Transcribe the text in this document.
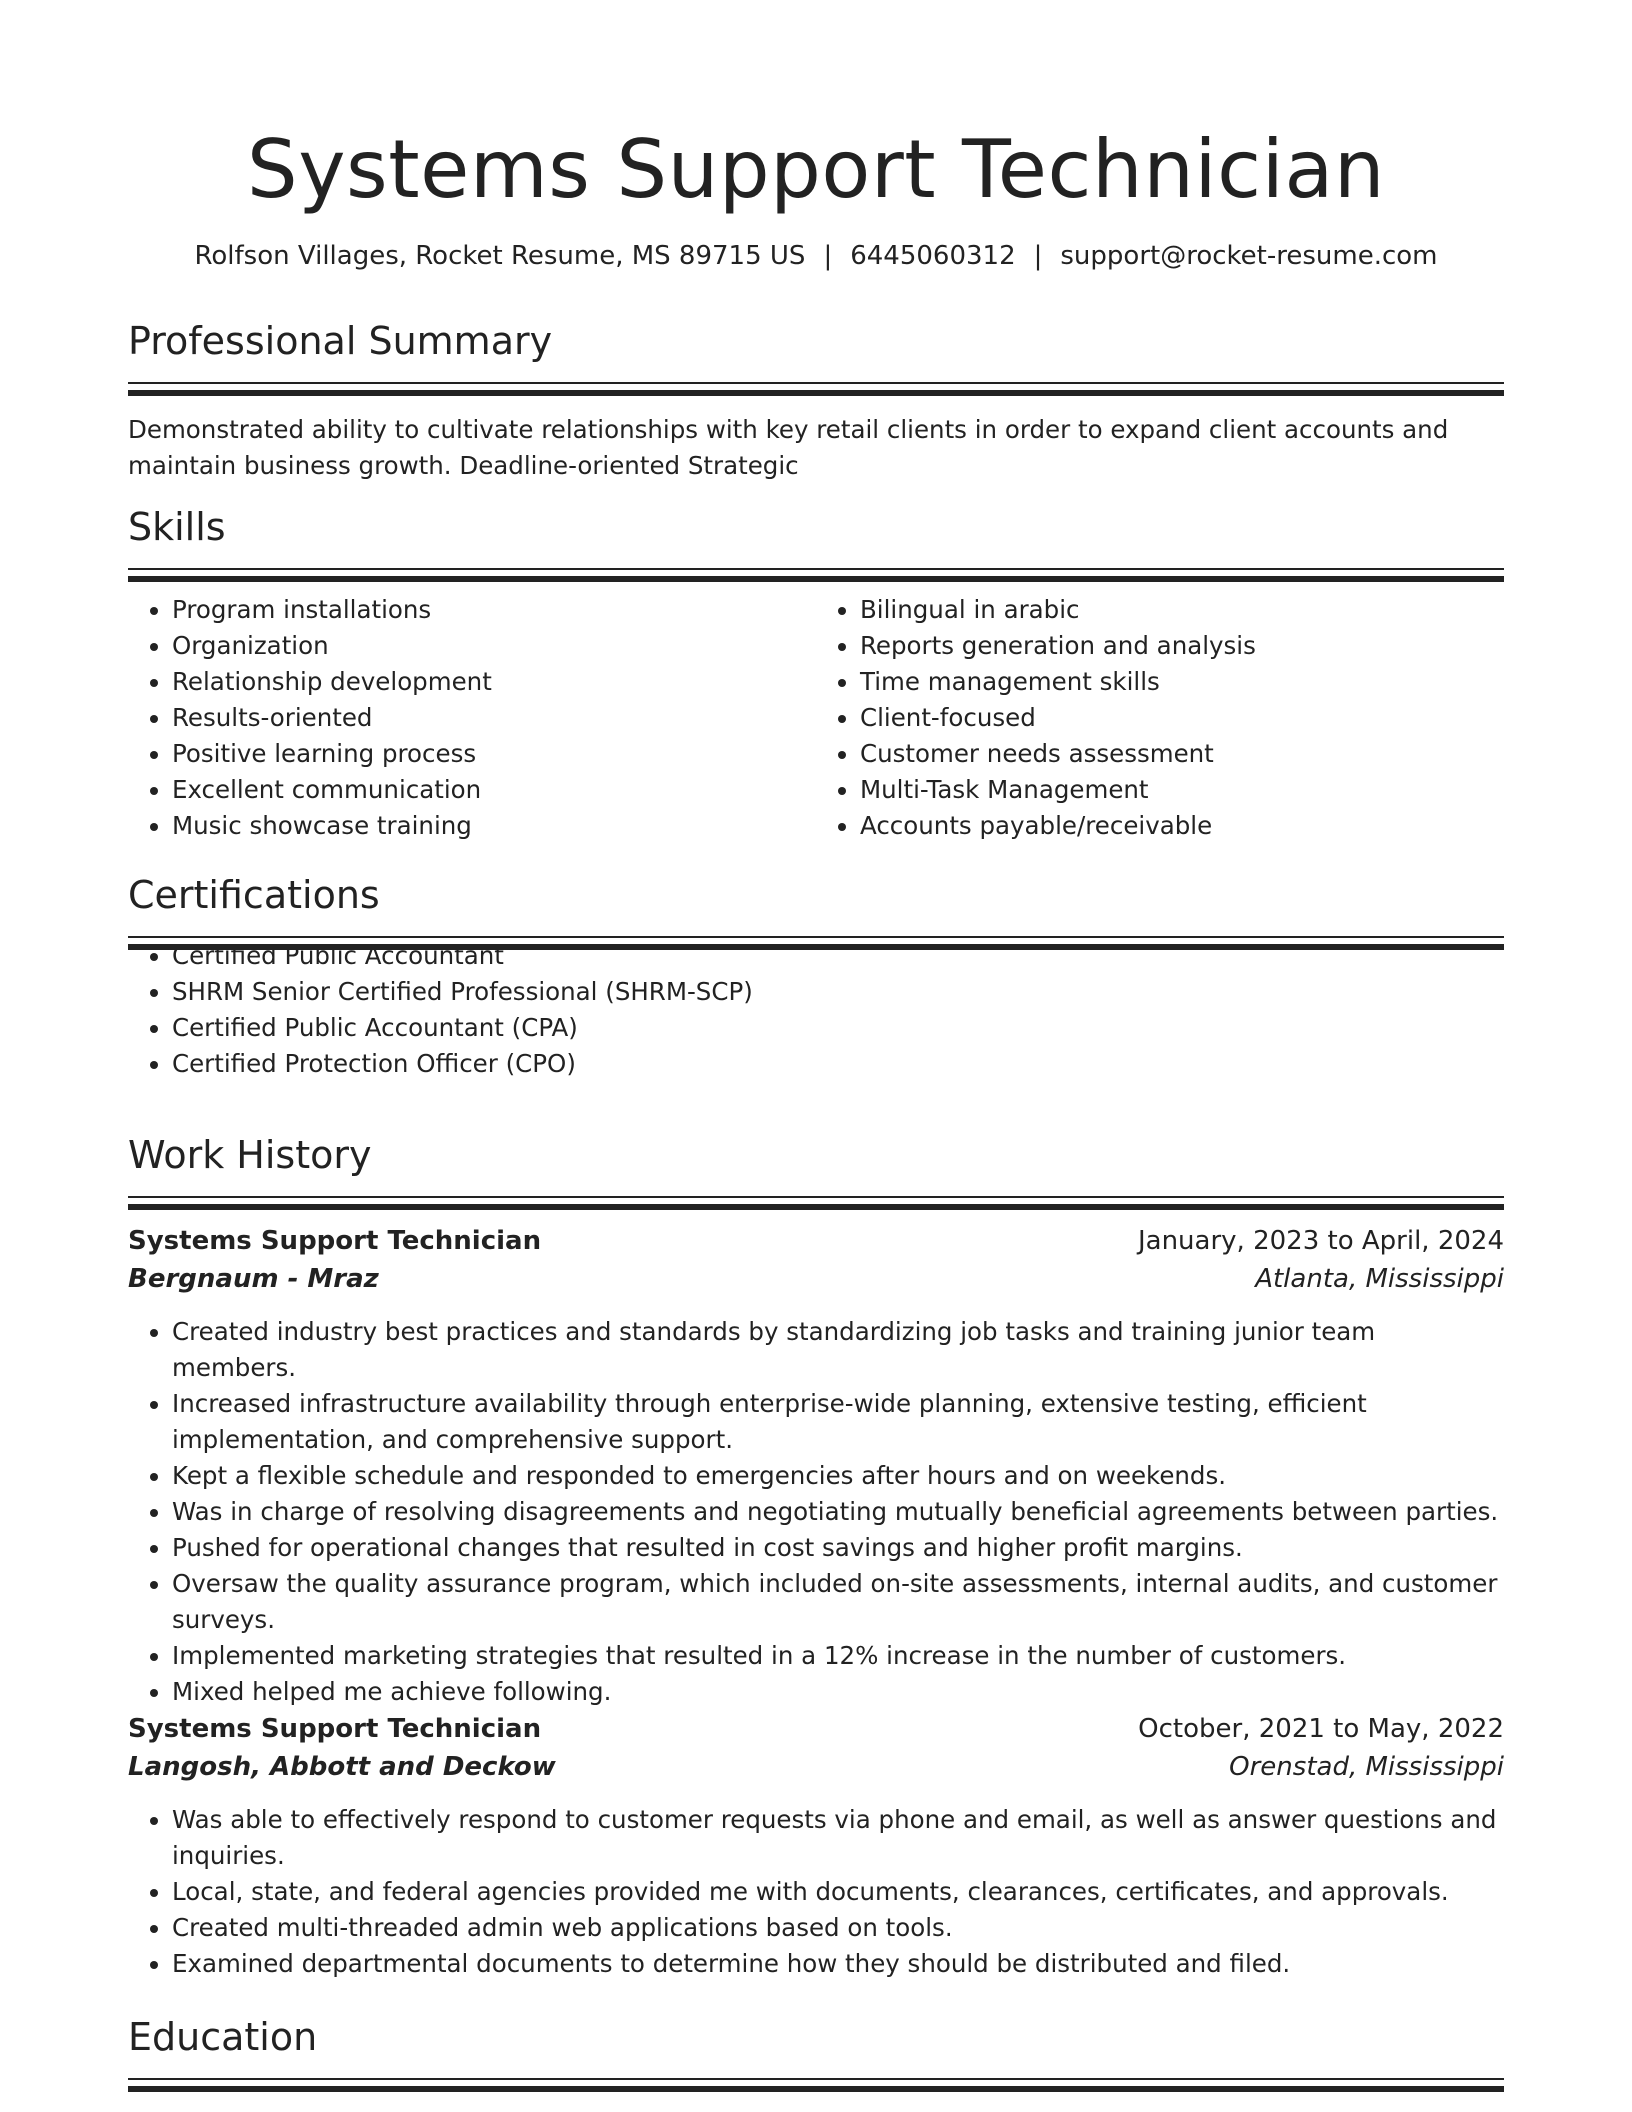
Systems Support Technician
Rolfson Villages, Rocket Resume, MS 89715 US | 6445060312 | support@rocket-resume.com
Professional Summary

Demonstrated ability to cultivate relationships with key retail clients in order to expand client accounts and maintain business growth. Deadline-oriented Strategic

Skills
• Program installations
• Organization
• Relationship development
• Results-oriented
• Positive learning process
• Excellent communication
• Music showcase training
• Bilingual in arabic
• Reports generation and analysis
• Time management skills
• Client-focused
• Customer needs assessment
• Multi-Task Management
• Accounts payable/receivable
Certifications
• Certified Public Accountant
• SHRM Senior Certified Professional (SHRM-SCP)
• Certified Public Accountant (CPA)
• Certified Protection Officer (CPO)
Work History
Systems Support Technician	January, 2023 to April, 2024
Bergnaum - Mraz	Atlanta, Mississippi
• Created industry best practices and standards by standardizing job tasks and training junior team members.
• Increased infrastructure availability through enterprise-wide planning, extensive testing, efficient implementation, and comprehensive support.
• Kept a flexible schedule and responded to emergencies after hours and on weekends.
• Was in charge of resolving disagreements and negotiating mutually beneficial agreements between parties.
• Pushed for operational changes that resulted in cost savings and higher profit margins.
• Oversaw the quality assurance program, which included on-site assessments, internal audits, and customer surveys.
• Implemented marketing strategies that resulted in a 12% increase in the number of customers.
• Mixed helped me achieve following.
Systems Support Technician	October, 2021 to May, 2022
Langosh, Abbott and Deckow	Orenstad, Mississippi
• Was able to effectively respond to customer requests via phone and email, as well as answer questions and inquiries.
• Local, state, and federal agencies provided me with documents, clearances, certificates, and approvals.
• Created multi-threaded admin web applications based on tools.
• Examined departmental documents to determine how they should be distributed and filed.
Education
